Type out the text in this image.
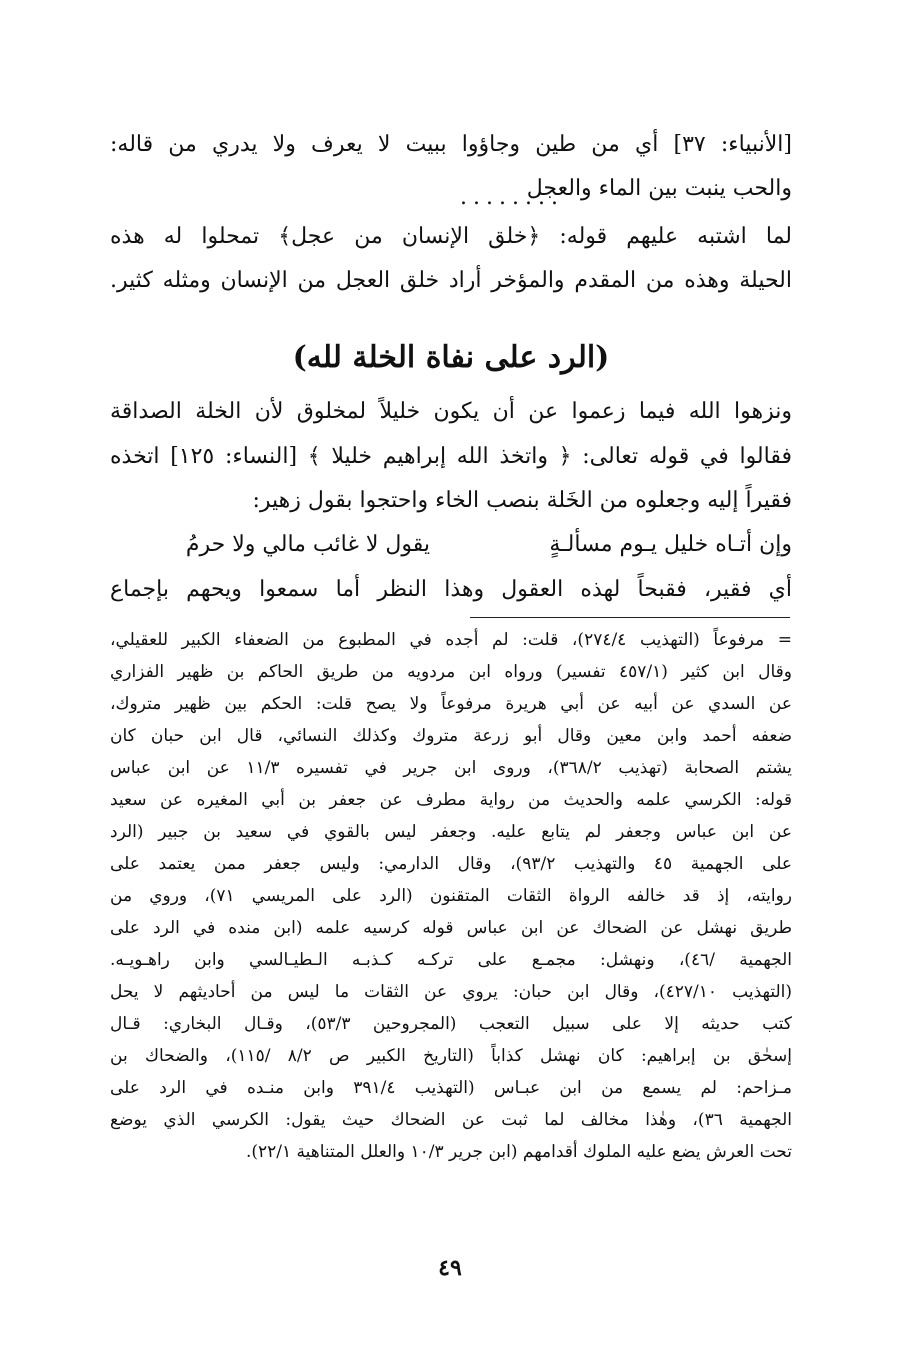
[الأنبياء: ٣٧] أي من طين وجاؤوا ببيت لا يعرف ولا يدري من قاله:
........
والحب ينبت بين الماء والعجل
لما اشتبه عليهم قوله: ﴿خلق الإنسان من عجل﴾ تمحلوا له هذه
الحيلة وهذه من المقدم والمؤخر أراد خلق العجل من الإنسان ومثله كثير.
(الرد على نفاة الخلة لله)
ونزهوا الله فيما زعموا عن أن يكون خليلاً لمخلوق لأن الخلة الصداقة
فقالوا في قوله تعالى: ﴿ واتخذ الله إبراهيم خليلا ﴾ [النساء: ١٢٥] اتخذه
فقيراً إليه وجعلوه من الخَلة بنصب الخاء واحتجوا بقول زهير:
وإن أتـاه خليل يـوم مسألـةٍ
يقول لا غائب مالي ولا حرمُ
أي فقير، فقبحاً لهذه العقول وهذا النظر أما سمعوا ويحهم بإجماع
= مرفوعاً (التهذيب ٢٧٤/٤)، قلت: لم أجده في المطبوع من الضعفاء الكبير للعقيلي،
وقال ابن كثير (٤٥٧/١ تفسير) ورواه ابن مردويه من طريق الحاكم بن ظهير الفزاري
عن السدي عن أبيه عن أبي هريرة مرفوعاً ولا يصح قلت: الحكم بين ظهير متروك،
ضعفه أحمد وابن معين وقال أبو زرعة متروك وكذلك النسائي، قال ابن حبان كان
يشتم الصحابة (تهذيب ٣٦٨/٢)، وروى ابن جرير في تفسيره ١١/٣ عن ابن عباس
قوله: الكرسي علمه والحديث من رواية مطرف عن جعفر بن أبي المغيره عن سعيد
عن ابن عباس وجعفر لم يتابع عليه. وجعفر ليس بالقوي في سعيد بن جبير (الرد
على الجهمية ٤٥ والتهذيب ٩٣/٢)، وقال الدارمي: وليس جعفر ممن يعتمد على
روايته، إذ قد خالفه الرواة الثقات المتقنون (الرد على المريسي ٧١)، وروي من
طريق نهشل عن الضحاك عن ابن عباس قوله كرسيه علمه (ابن منده في الرد على
الجهمية /٤٦)، ونهشل: مجمـع على تركـه كـذبـه الـطيـالسي وابن راهـويـه.
(التهذيب ٤٢٧/١٠)، وقال ابن حبان: يروي عن الثقات ما ليس من أحاديثهم لا يحل
كتب حديثه إلا على سبيل التعجب (المجروحين ٥٣/٣)، وقـال البخاري: قـال
إسحٰق بن إبراهيم: كان نهشل كذاباً (التاريخ الكبير ص ٨/٢ /١١٥)، والضحاك بن
مـزاحم: لم يسمع من ابن عبـاس (التهذيب ٣٩١/٤ وابن منـده في الرد على
الجهمية ٣٦)، وهٰذا مخالف لما ثبت عن الضحاك حيث يقول: الكرسي الذي يوضع
تحت العرش يضع عليه الملوك أقدامهم (ابن جرير ١٠/٣ والعلل المتناهية ٢٢/١).
٤٩
